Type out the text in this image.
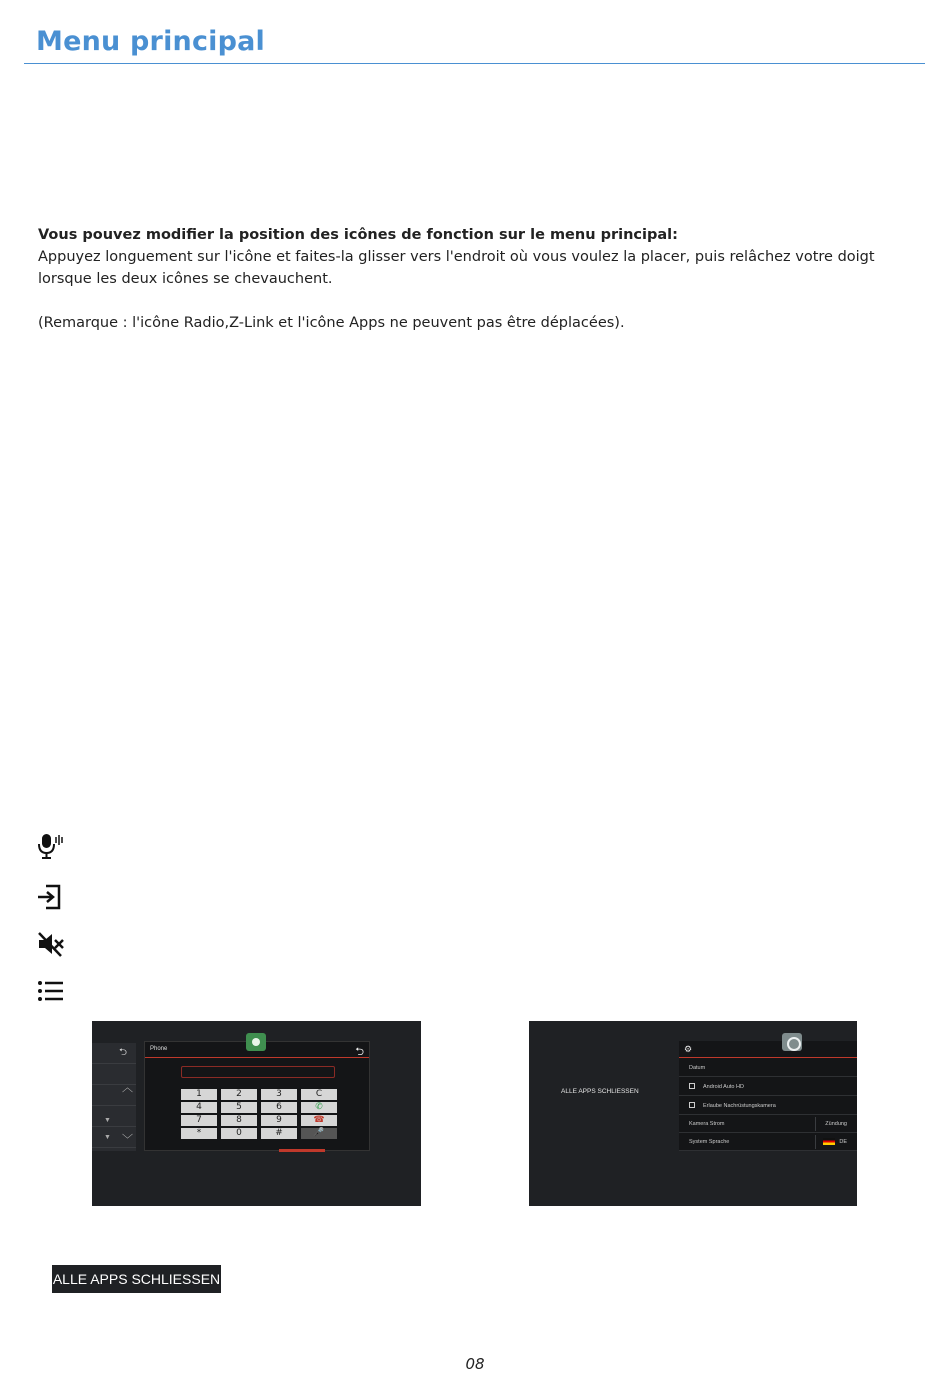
Menu principal
Vous pouvez modifier la position des icônes de fonction sur le menu principal:
Appuyez longuement sur l'icône et faites-la glisser vers l'endroit où vous voulez la placer, puis relâchez votre doigt lorsque les deux icônes se chevauchent.
(Remarque : l'icône Radio,Z-Link et l'icône Apps ne peuvent pas être déplacées).
⮌
︿
﹀
▼
▼
Phone	⮌
1	2	3	C
4	5	6	✆
7	8	9	☎
*	0	#	🎤
ALLE APPS SCHLIESSEN
⚙
Datum
Android Auto HD
Erlaube Nachrüstungskamera
Kamera Strom	Zündung
System Sprache	DE
ALLE APPS SCHLIESSEN
08
